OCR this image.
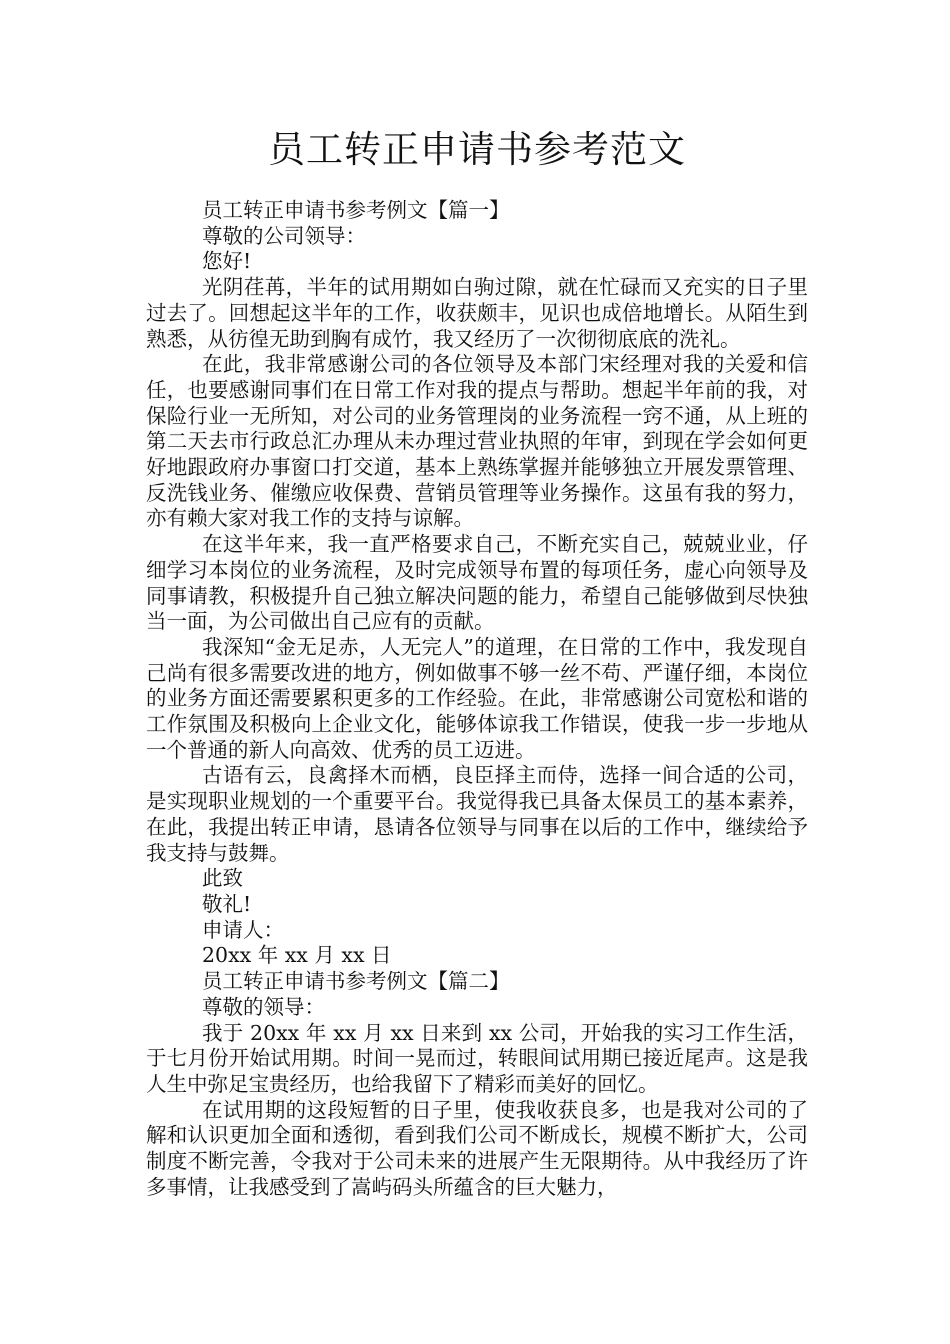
员工转正申请书参考范文

员工转正申请书参考例文【篇一】

尊敬的公司领导：

您好!

光阴荏苒，半年的试用期如白驹过隙，就在忙碌而又充实的日子里过去了。回想起这半年的工作，收获颇丰，见识也成倍地增长。从陌生到熟悉，从彷徨无助到胸有成竹，我又经历了一次彻彻底底的洗礼。

在此，我非常感谢公司的各位领导及本部门宋经理对我的关爱和信任，也要感谢同事们在日常工作对我的提点与帮助。想起半年前的我，对保险行业一无所知，对公司的业务管理岗的业务流程一窍不通，从上班的第二天去市行政总汇办理从未办理过营业执照的年审，到现在学会如何更好地跟政府办事窗口打交道，基本上熟练掌握并能够独立开展发票管理、反洗钱业务、催缴应收保费、营销员管理等业务操作。这虽有我的努力，亦有赖大家对我工作的支持与谅解。

在这半年来，我一直严格要求自己，不断充实自己，兢兢业业，仔细学习本岗位的业务流程，及时完成领导布置的每项任务，虚心向领导及同事请教，积极提升自己独立解决问题的能力，希望自己能够做到尽快独当一面，为公司做出自己应有的贡献。

我深知“金无足赤，人无完人”的道理，在日常的工作中，我发现自己尚有很多需要改进的地方，例如做事不够一丝不苟、严谨仔细，本岗位的业务方面还需要累积更多的工作经验。在此，非常感谢公司宽松和谐的工作氛围及积极向上企业文化，能够体谅我工作错误，使我一步一步地从一个普通的新人向高效、优秀的员工迈进。

古语有云，良禽择木而栖，良臣择主而侍，选择一间合适的公司，是实现职业规划的一个重要平台。我觉得我已具备太保员工的基本素养，在此，我提出转正申请，恳请各位领导与同事在以后的工作中，继续给予我支持与鼓舞。

此致

敬礼!

申请人：

20xx 年 xx 月 xx 日

员工转正申请书参考例文【篇二】

尊敬的领导：

我于 20xx 年 xx 月 xx 日来到 xx 公司，开始我的实习工作生活，于七月份开始试用期。时间一晃而过，转眼间试用期已接近尾声。这是我人生中弥足宝贵经历，也给我留下了精彩而美好的回忆。

在试用期的这段短暂的日子里，使我收获良多，也是我对公司的了解和认识更加全面和透彻，看到我们公司不断成长，规模不断扩大，公司制度不断完善，令我对于公司未来的进展产生无限期待。从中我经历了许多事情，让我感受到了嵩屿码头所蕴含的巨大魅力，
